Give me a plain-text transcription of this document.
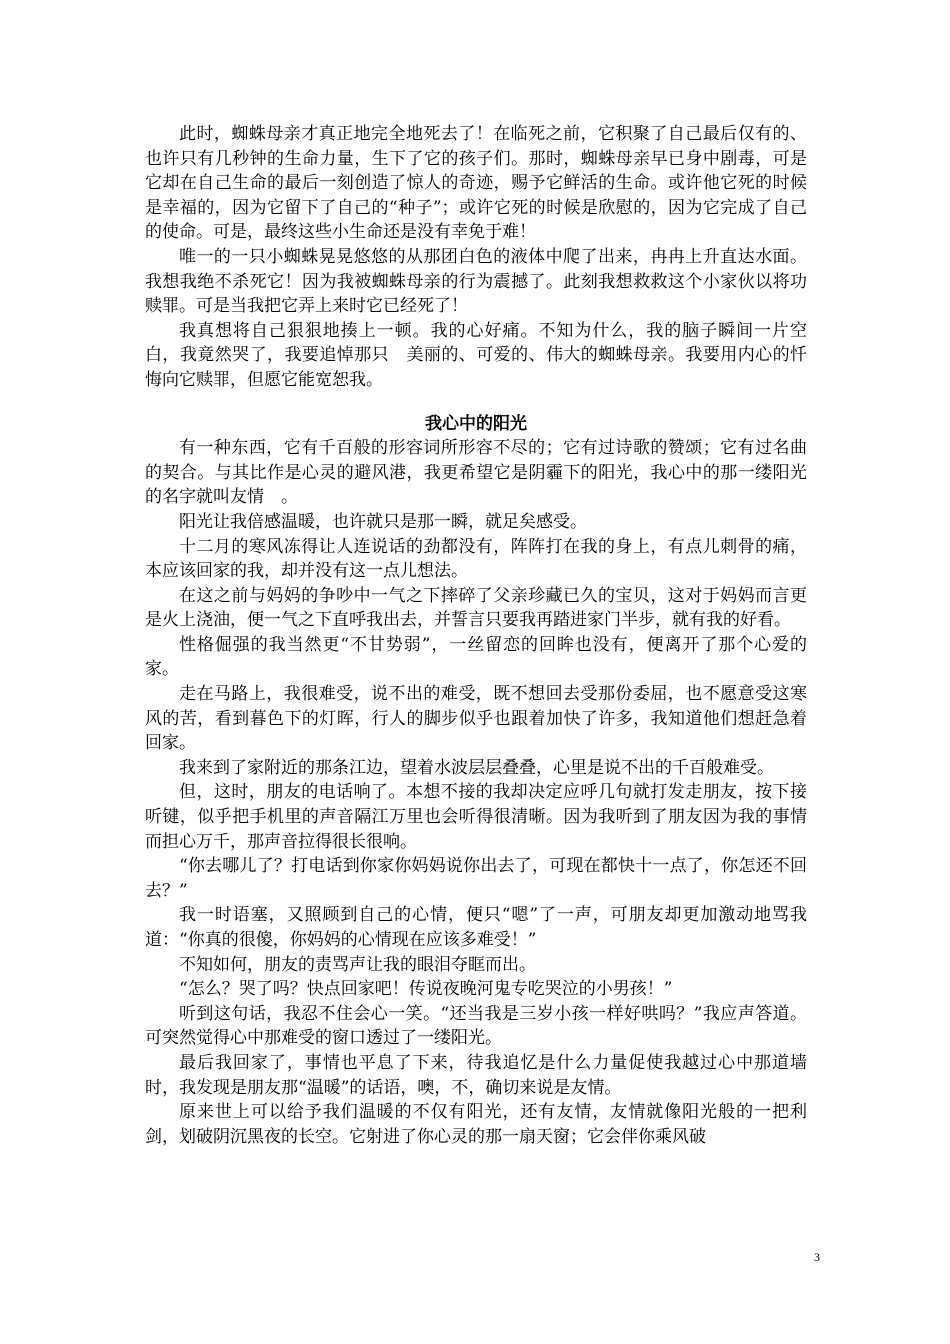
此时，蜘蛛母亲才真正地完全地死去了！在临死之前，它积聚了自己最后仅有的、也许只有几秒钟的生命力量，生下了它的孩子们。那时，蜘蛛母亲早已身中剧毒，可是它却在自己生命的最后一刻创造了惊人的奇迹，赐予它鲜活的生命。或许他它死的时候是幸福的，因为它留下了自己的“种子”；或许它死的时候是欣慰的，因为它完成了自己的使命。可是，最终这些小生命还是没有幸免于难！

唯一的一只小蜘蛛晃晃悠悠的从那团白色的液体中爬了出来，冉冉上升直达水面。我想我绝不杀死它！因为我被蜘蛛母亲的行为震撼了。此刻我想救救这个小家伙以将功赎罪。可是当我把它弄上来时它已经死了！

我真想将自己狠狠地揍上一顿。我的心好痛。不知为什么，我的脑子瞬间一片空白，我竟然哭了，我要追悼那只　美丽的、可爱的、伟大的蜘蛛母亲。我要用内心的忏悔向它赎罪，但愿它能宽恕我。

我心中的阳光

有一种东西，它有千百般的形容词所形容不尽的；它有过诗歌的赞颂；它有过名曲的契合。与其比作是心灵的避风港，我更希望它是阴霾下的阳光，我心中的那一缕阳光的名字就叫友情　。

阳光让我倍感温暖，也许就只是那一瞬，就足矣感受。

十二月的寒风冻得让人连说话的劲都没有，阵阵打在我的身上，有点儿刺骨的痛，本应该回家的我，却并没有这一点儿想法。

在这之前与妈妈的争吵中一气之下摔碎了父亲珍藏已久的宝贝，这对于妈妈而言更是火上浇油，便一气之下直呼我出去，并誓言只要我再踏进家门半步，就有我的好看。

性格倔强的我当然更“不甘势弱”，一丝留恋的回眸也没有，便离开了那个心爱的家。

走在马路上，我很难受，说不出的难受，既不想回去受那份委屈，也不愿意受这寒风的苦，看到暮色下的灯晖，行人的脚步似乎也跟着加快了许多，我知道他们想赶急着回家。

我来到了家附近的那条江边，望着水波层层叠叠，心里是说不出的千百般难受。

但，这时，朋友的电话响了。本想不接的我却决定应呼几句就打发走朋友，按下接听键，似乎把手机里的声音隔江万里也会听得很清晰。因为我听到了朋友因为我的事情而担心万千，那声音拉得很长很响。

“你去哪儿了？打电话到你家你妈妈说你出去了，可现在都快十一点了，你怎还不回去？”

我一时语塞，又照顾到自己的心情，便只“嗯”了一声，可朋友却更加激动地骂我道：“你真的很傻，你妈妈的心情现在应该多难受！”

不知如何，朋友的责骂声让我的眼泪夺眶而出。

“怎么？哭了吗？快点回家吧！传说夜晚河鬼专吃哭泣的小男孩！”

听到这句话，我忍不住会心一笑。“还当我是三岁小孩一样好哄吗？”我应声答道。可突然觉得心中那难受的窗口透过了一缕阳光。

最后我回家了，事情也平息了下来，待我追忆是什么力量促使我越过心中那道墙时，我发现是朋友那“温暖”的话语，噢，不，确切来说是友情。

原来世上可以给予我们温暖的不仅有阳光，还有友情，友情就像阳光般的一把利剑，划破阴沉黑夜的长空。它射进了你心灵的那一扇天窗；它会伴你乘风破

3
